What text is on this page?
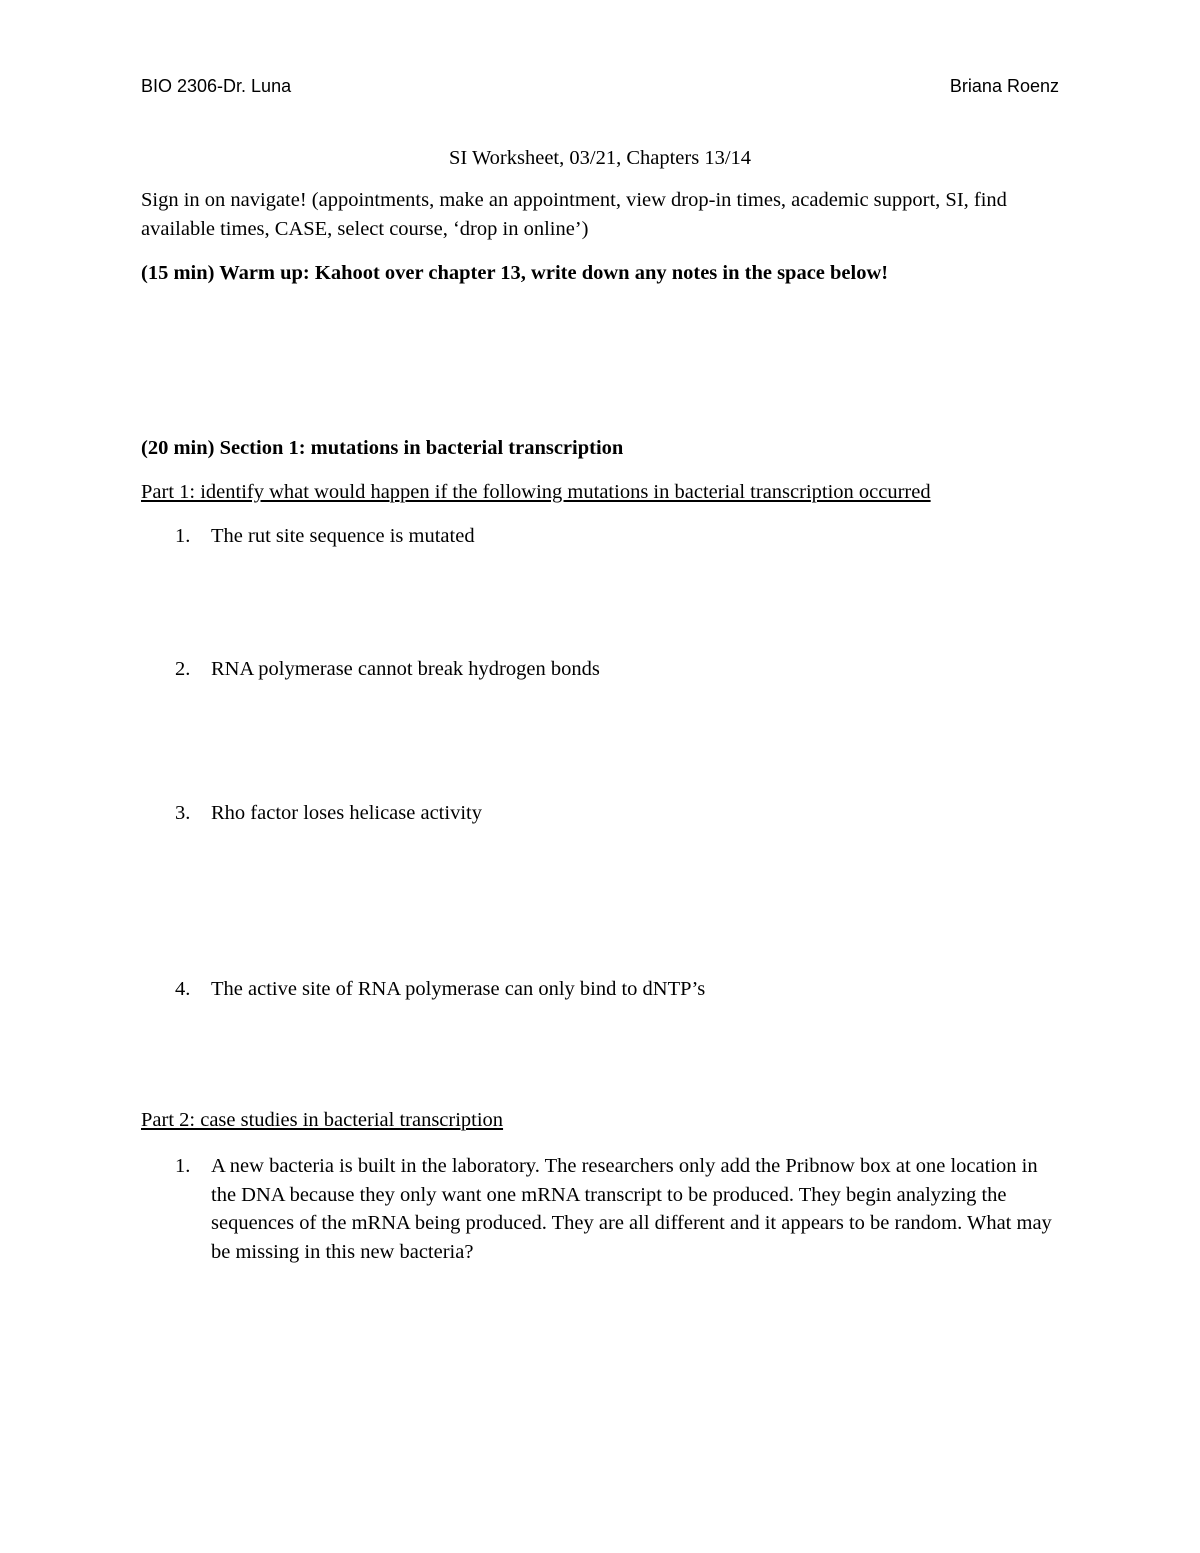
BIO 2306-Dr. Luna	Briana Roenz
SI Worksheet, 03/21, Chapters 13/14
Sign in on navigate! (appointments, make an appointment, view drop-in times, academic support, SI, find available times, CASE, select course, ‘drop in online’)
(15 min) Warm up: Kahoot over chapter 13, write down any notes in the space below!
(20 min) Section 1: mutations in bacterial transcription
Part 1: identify what would happen if the following mutations in bacterial transcription occurred
1.	The rut site sequence is mutated
2.	RNA polymerase cannot break hydrogen bonds
3.	Rho factor loses helicase activity
4.	The active site of RNA polymerase can only bind to dNTP’s
Part 2: case studies in bacterial transcription
1.	A new bacteria is built in the laboratory. The researchers only add the Pribnow box at one location in the DNA because they only want one mRNA transcript to be produced. They begin analyzing the sequences of the mRNA being produced. They are all different and it appears to be random. What may be missing in this new bacteria?
